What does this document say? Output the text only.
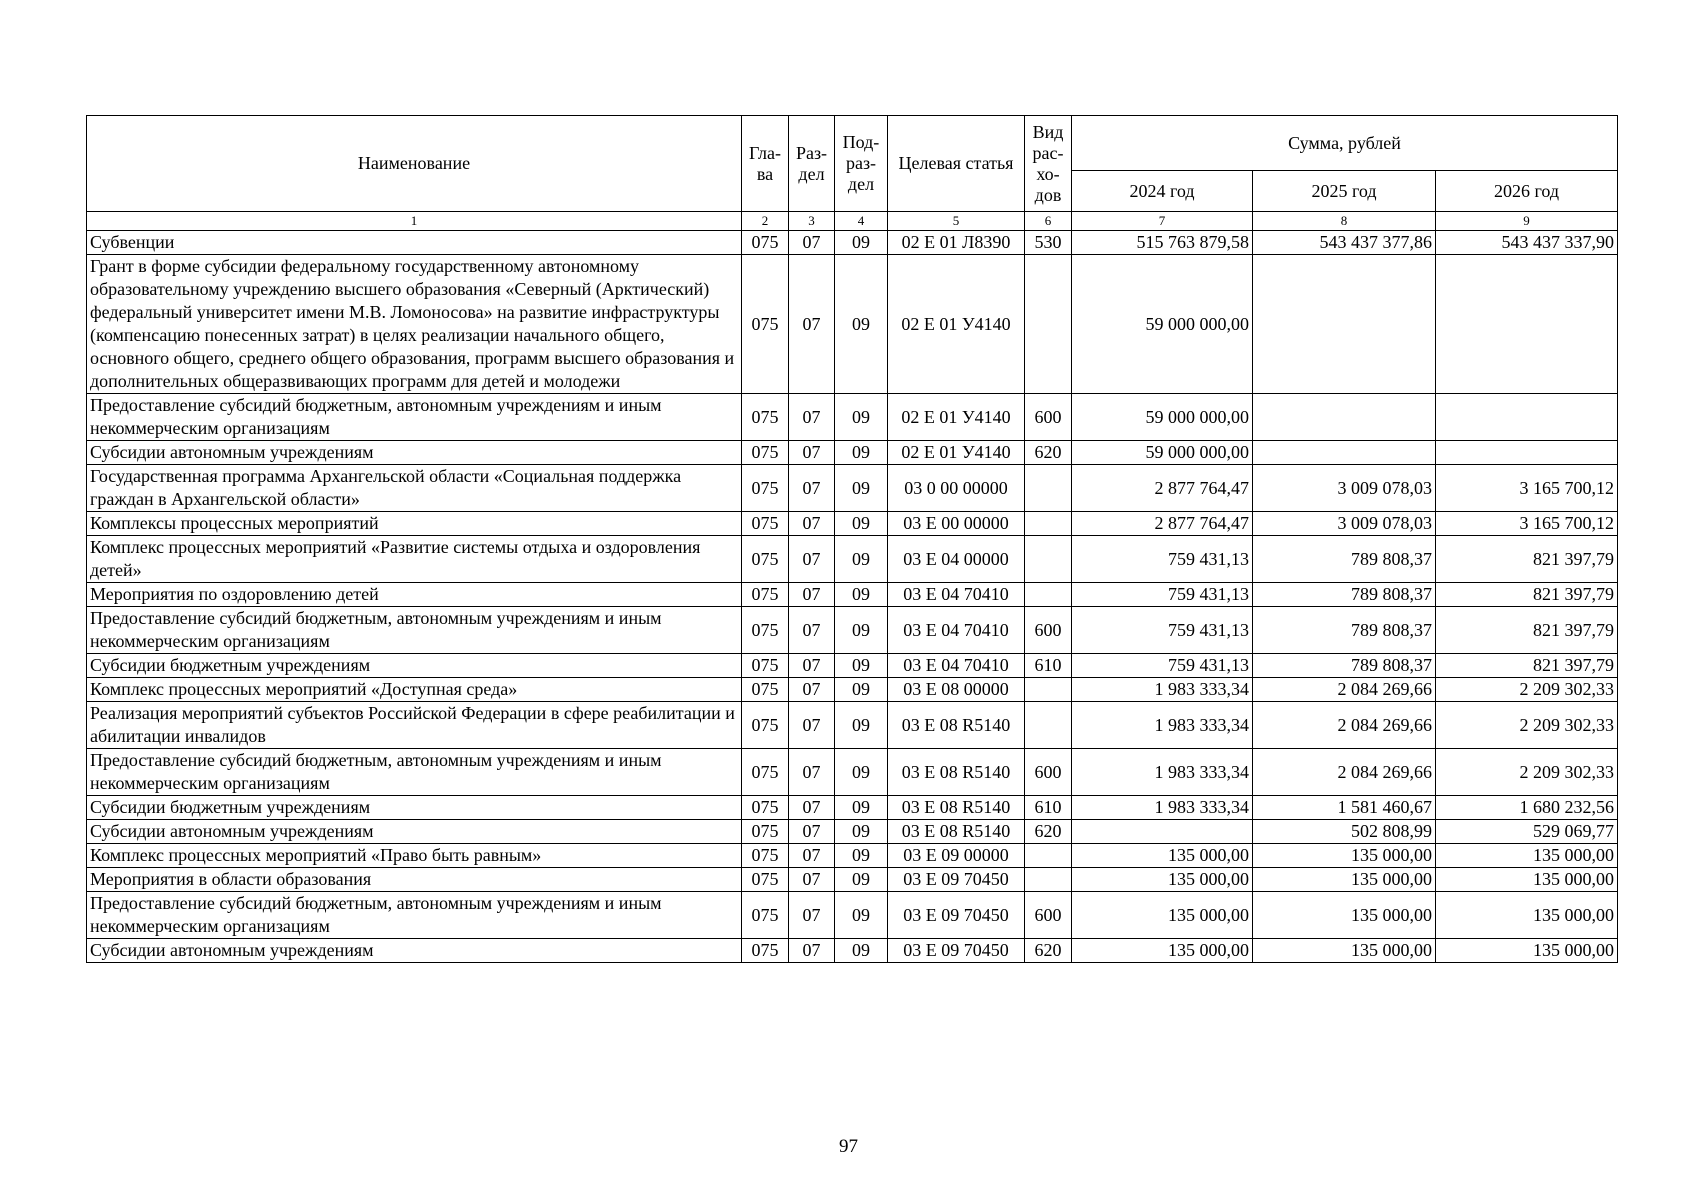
Наименование	Гла-ва	Раз-дел	Под-раз-дел	Целевая статья	Вид рас-хо-дов	Сумма, рублей		
						2024 год	2025 год	2026 год
1	2	3	4	5	6	7	8	9
Субвенции	075	07	09	02 Е 01 Л8390	530	515 763 879,58	543 437 377,86	543 437 337,90
Грант в форме субсидии федеральному государственному автономному образовательному учреждению высшего образования «Северный (Арктический) федеральный университет имени М.В. Ломоносова» на развитие инфраструктуры (компенсацию понесенных затрат) в целях реализации начального общего, основного общего, среднего общего образования, программ высшего образования и дополнительных общеразвивающих программ для детей и молодежи	075	07	09	02 Е 01 У4140		59 000 000,00		
Предоставление субсидий бюджетным, автономным учреждениям и иным некоммерческим организациям	075	07	09	02 Е 01 У4140	600	59 000 000,00		
Субсидии автономным учреждениям	075	07	09	02 Е 01 У4140	620	59 000 000,00		
Государственная программа Архангельской области «Социальная поддержка граждан в Архангельской области»	075	07	09	03 0 00 00000		2 877 764,47	3 009 078,03	3 165 700,12
Комплексы процессных мероприятий	075	07	09	03 Е 00 00000		2 877 764,47	3 009 078,03	3 165 700,12
Комплекс процессных мероприятий «Развитие системы отдыха и оздоровления детей»	075	07	09	03 Е 04 00000		759 431,13	789 808,37	821 397,79
Мероприятия по оздоровлению детей	075	07	09	03 Е 04 70410		759 431,13	789 808,37	821 397,79
Предоставление субсидий бюджетным, автономным учреждениям и иным некоммерческим организациям	075	07	09	03 Е 04 70410	600	759 431,13	789 808,37	821 397,79
Субсидии бюджетным учреждениям	075	07	09	03 Е 04 70410	610	759 431,13	789 808,37	821 397,79
Комплекс процессных мероприятий «Доступная среда»	075	07	09	03 Е 08 00000		1 983 333,34	2 084 269,66	2 209 302,33
Реализация мероприятий субъектов Российской Федерации в сфере реабилитации и абилитации инвалидов	075	07	09	03 Е 08 R5140		1 983 333,34	2 084 269,66	2 209 302,33
Предоставление субсидий бюджетным, автономным учреждениям и иным некоммерческим организациям	075	07	09	03 Е 08 R5140	600	1 983 333,34	2 084 269,66	2 209 302,33
Субсидии бюджетным учреждениям	075	07	09	03 Е 08 R5140	610	1 983 333,34	1 581 460,67	1 680 232,56
Субсидии автономным учреждениям	075	07	09	03 Е 08 R5140	620		502 808,99	529 069,77
Комплекс процессных мероприятий «Право быть равным»	075	07	09	03 Е 09 00000		135 000,00	135 000,00	135 000,00
Мероприятия в области образования	075	07	09	03 Е 09 70450		135 000,00	135 000,00	135 000,00
Предоставление субсидий бюджетным, автономным учреждениям и иным некоммерческим организациям	075	07	09	03 Е 09 70450	600	135 000,00	135 000,00	135 000,00
Субсидии автономным учреждениям	075	07	09	03 Е 09 70450	620	135 000,00	135 000,00	135 000,00
97
